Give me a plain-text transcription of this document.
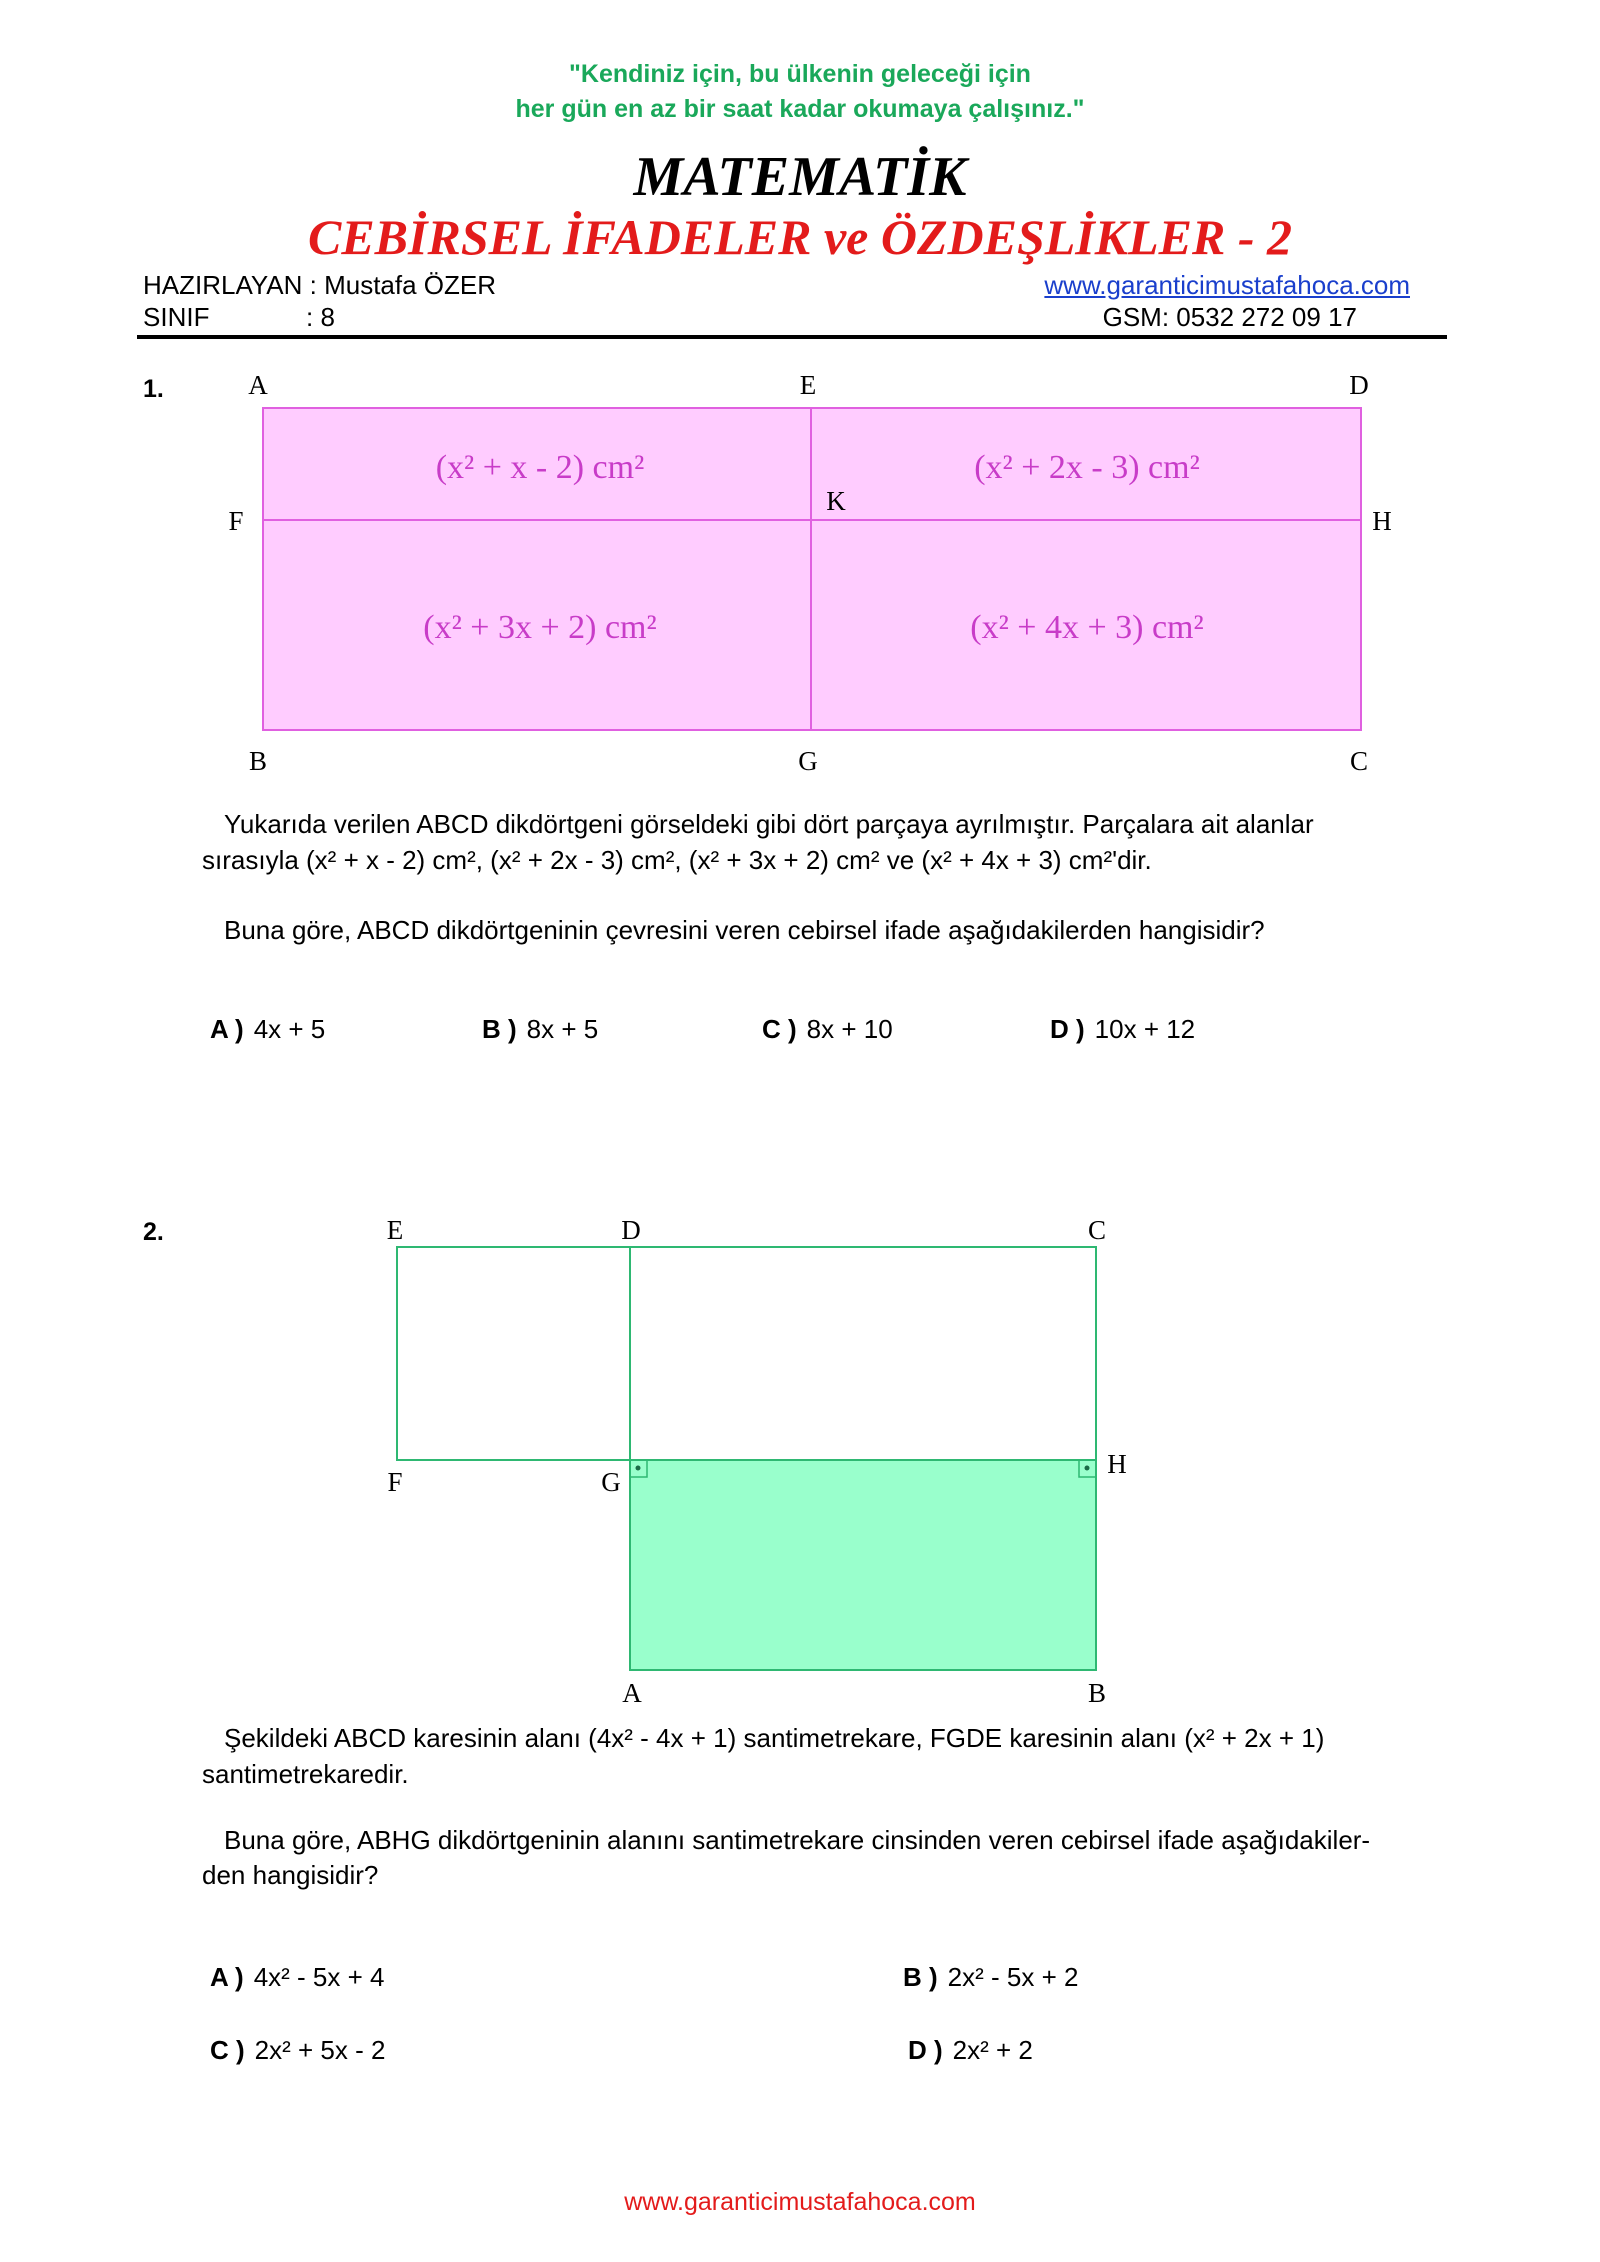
"Kendiniz için, bu ülkenin geleceği için
her gün en az bir saat kadar okumaya çalışınız."
MATEMATİK
CEBİRSEL İFADELER ve ÖZDEŞLİKLER - 2
HAZIRLAYAN : Mustafa ÖZER
SINIF	: 8
www.garanticimustafahoca.com
GSM: 0532 272 09 17
1.	A	E	D
F
K
H
B	G	C
(x² + x - 2) cm²	(x² + 2x - 3) cm²
(x² + 3x + 2) cm²	(x² + 4x + 3) cm²
Yukarıda verilen ABCD dikdörtgeni görseldeki gibi dört parçaya ayrılmıştır. Parçalara ait alanlar
sırasıyla (x² + x - 2) cm², (x² + 2x - 3) cm², (x² + 3x + 2) cm² ve (x² + 4x + 3) cm²'dir.
Buna göre, ABCD dikdörtgeninin çevresini veren cebirsel ifade aşağıdakilerden hangisidir?
A ) 4x + 5	B ) 8x + 5	C ) 8x + 10	D ) 10x + 12
2.	E	D	C
F	G
H
A	B
Şekildeki ABCD karesinin alanı (4x² - 4x + 1) santimetrekare, FGDE karesinin alanı (x² + 2x + 1)
santimetrekaredir.
Buna göre, ABHG dikdörtgeninin alanını santimetrekare cinsinden veren cebirsel ifade aşağıdakiler-
den hangisidir?
A ) 4x² - 5x + 4	B ) 2x² - 5x + 2
C ) 2x² + 5x - 2	D ) 2x² + 2
www.garanticimustafahoca.com
